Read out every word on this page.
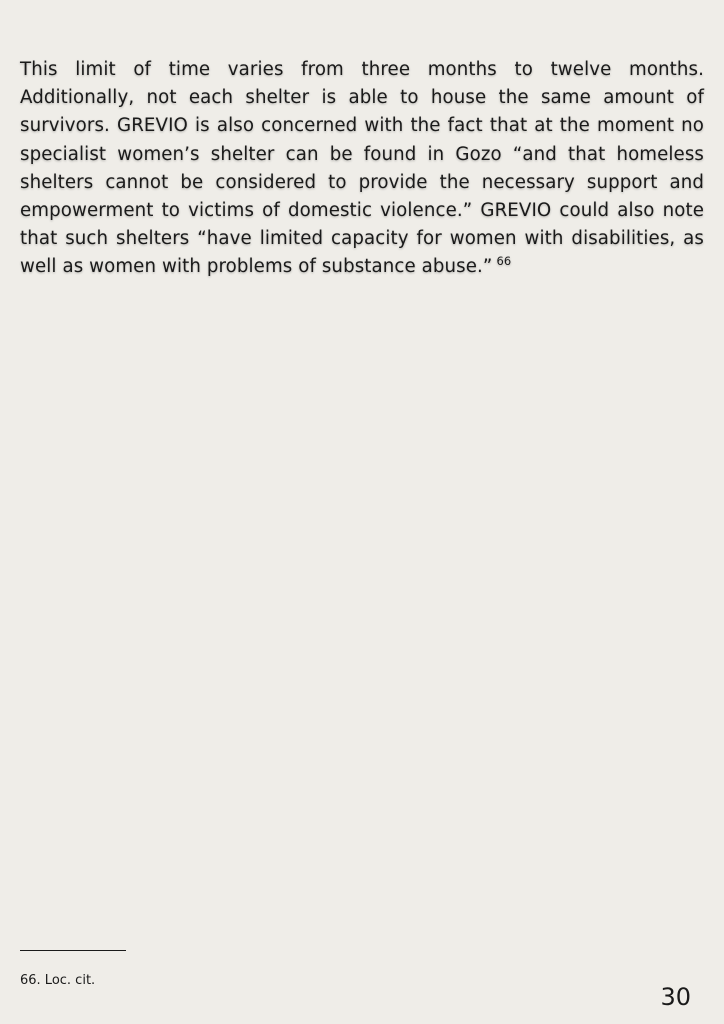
This limit of time varies from three months to twelve months. Additionally, not each shelter is able to house the same amount of survivors. GREVIO is also concerned with the fact that at the moment no specialist women’s shelter can be found in Gozo “and that homeless shelters cannot be considered to provide the necessary support and empowerment to victims of domestic violence.” GREVIO could also note that such shelters “have limited capacity for women with disabilities, as well as women with problems of substance abuse.” $^{66}$
66. Loc. cit.
30
